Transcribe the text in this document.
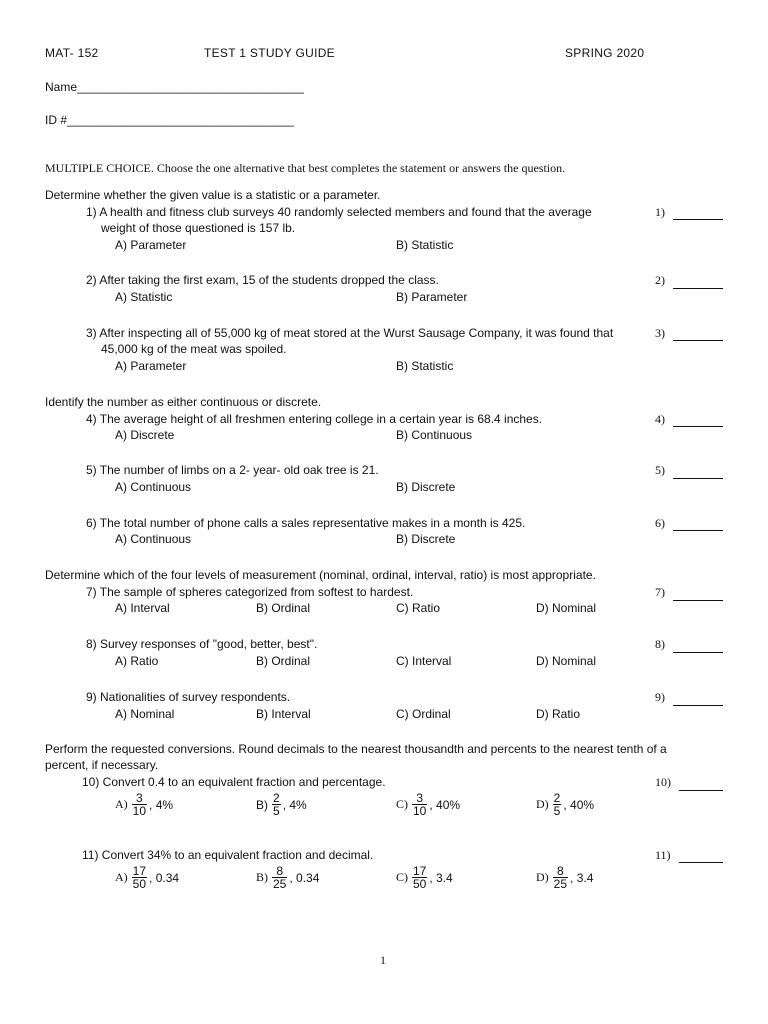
MAT- 152	TEST 1 STUDY GUIDE	SPRING 2020
Name__________________________________
ID #__________________________________
MULTIPLE CHOICE. Choose the one alternative that best completes the statement or answers the question.
Determine whether the given value is a statistic or a parameter.
1) A health and fitness club surveys 40 randomly selected members and found that the average
weight of those questioned is 157 lb.
A) Parameter	B) Statistic
1)
2) After taking the first exam, 15 of the students dropped the class.
A) Statistic	B) Parameter
2)
3) After inspecting all of 55,000 kg of meat stored at the Wurst Sausage Company, it was found that
45,000 kg of the meat was spoiled.
A) Parameter	B) Statistic
3)
Identify the number as either continuous or discrete.
4) The average height of all freshmen entering college in a certain year is 68.4 inches.
A) Discrete	B) Continuous
4)
5) The number of limbs on a 2- year- old oak tree is 21.
A) Continuous	B) Discrete
5)
6) The total number of phone calls a sales representative makes in a month is 425.
A) Continuous	B) Discrete
6)
Determine which of the four levels of measurement (nominal, ordinal, interval, ratio) is most appropriate.
7) The sample of spheres categorized from softest to hardest.
A) Interval	B) Ordinal	C) Ratio	D) Nominal
7)
8) Survey responses of "good, better, best".
A) Ratio	B) Ordinal	C) Interval	D) Nominal
8)
9) Nationalities of survey respondents.
A) Nominal	B) Interval	C) Ordinal	D) Ratio
9)
Perform the requested conversions. Round decimals to the nearest thousandth and percents to the nearest tenth of a
percent, if necessary.
10) Convert 0.4 to an equivalent fraction and percentage.	10)
$A) \frac{3}{10}$ , 4%	$B) \frac{2}{5}$ , 4%	$C) \frac{3}{10}$ , 40%	$D) \frac{2}{5}$ , 40%
11) Convert 34% to an equivalent fraction and decimal.	11)
$A) \frac{17}{50}$ , 0.34	$B) \frac{8}{25}$ , 0.34	$C) \frac{17}{50}$ , 3.4	$D) \frac{8}{25}$ , 3.4
1
